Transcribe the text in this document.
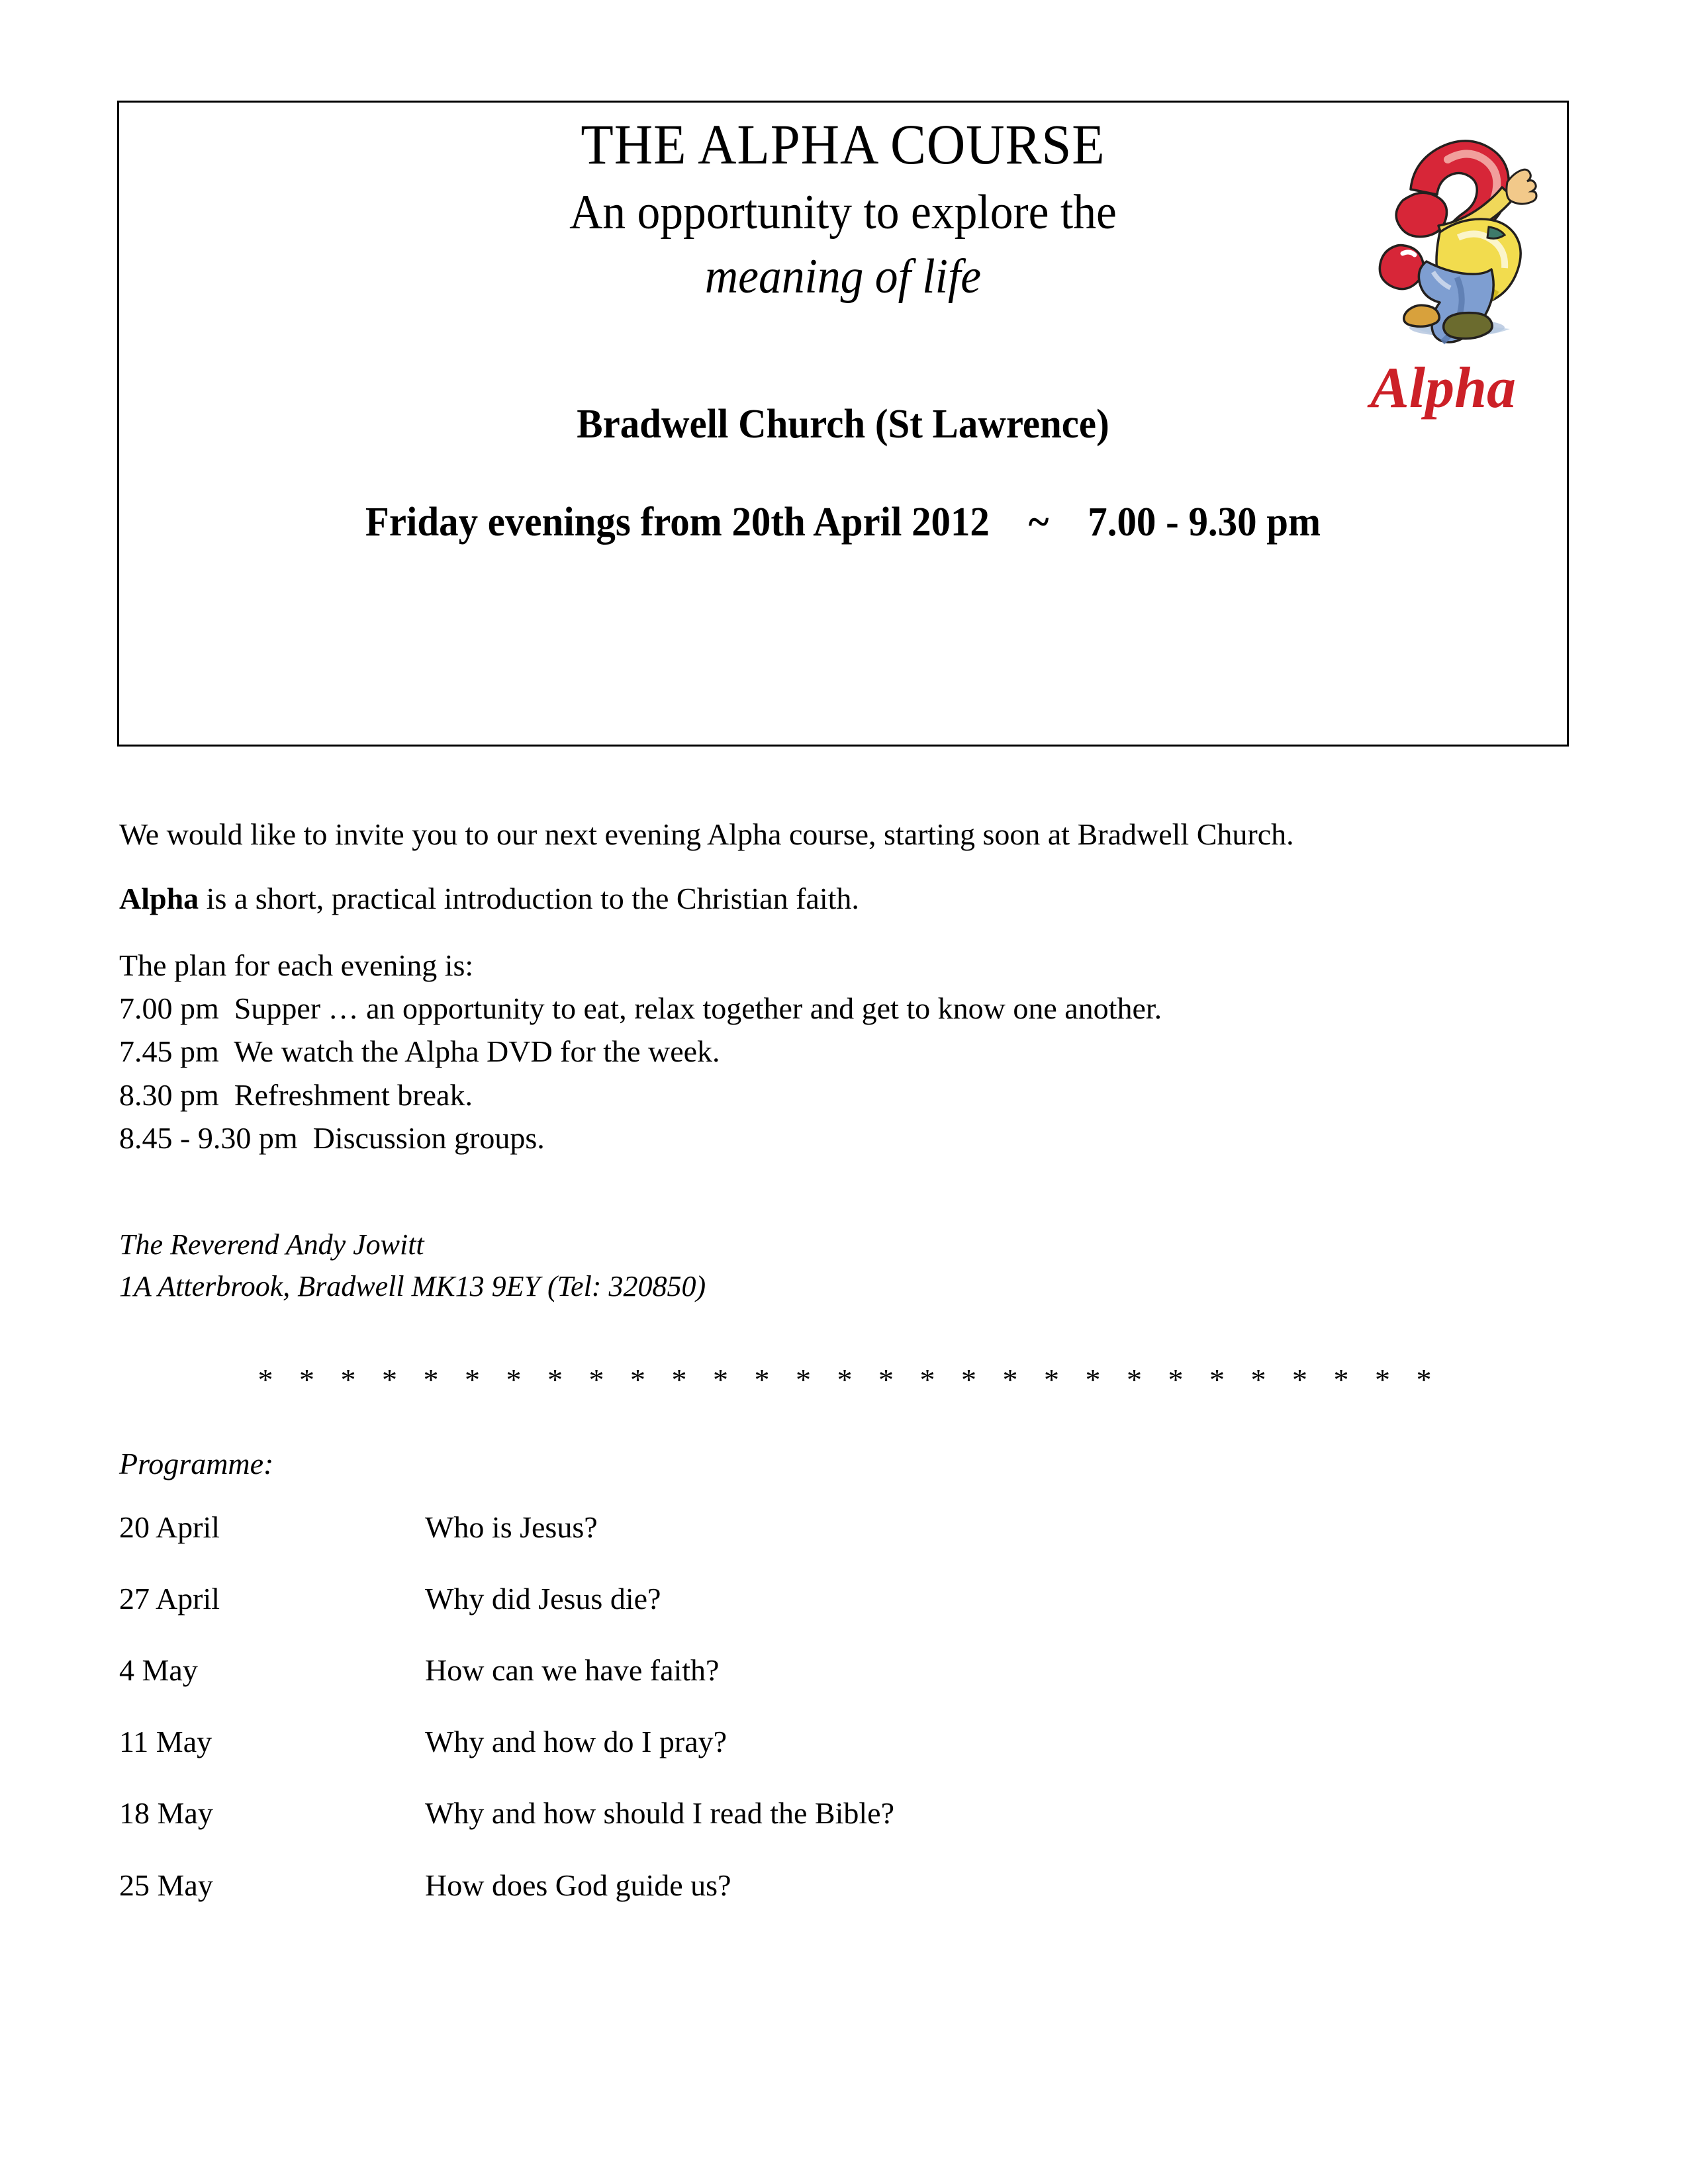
THE ALPHA COURSE
An opportunity to explore the
meaning of life
Bradwell Church (St Lawrence)
Friday evenings from 20th April 2012    ~    7.00 - 9.30 pm
Alpha

We would like to invite you to our next evening Alpha course, starting soon at Bradwell Church.

Alpha is a short, practical introduction to the Christian faith.

The plan for each evening is:
7.00 pm  Supper … an opportunity to eat, relax together and get to know one another.
7.45 pm  We watch the Alpha DVD for the week.
8.30 pm  Refreshment break.
8.45 - 9.30 pm  Discussion groups.
The Reverend Andy Jowitt
1A Atterbrook, Bradwell MK13 9EY (Tel: 320850)
* * * * * * * * * * * * * * * * * * * * * * * * * * * * *
Programme:
20 April	Who is Jesus?
27 April	Why did Jesus die?
4 May	How can we have faith?
11 May	Why and how do I pray?
18 May	Why and how should I read the Bible?
25 May	How does God guide us?
